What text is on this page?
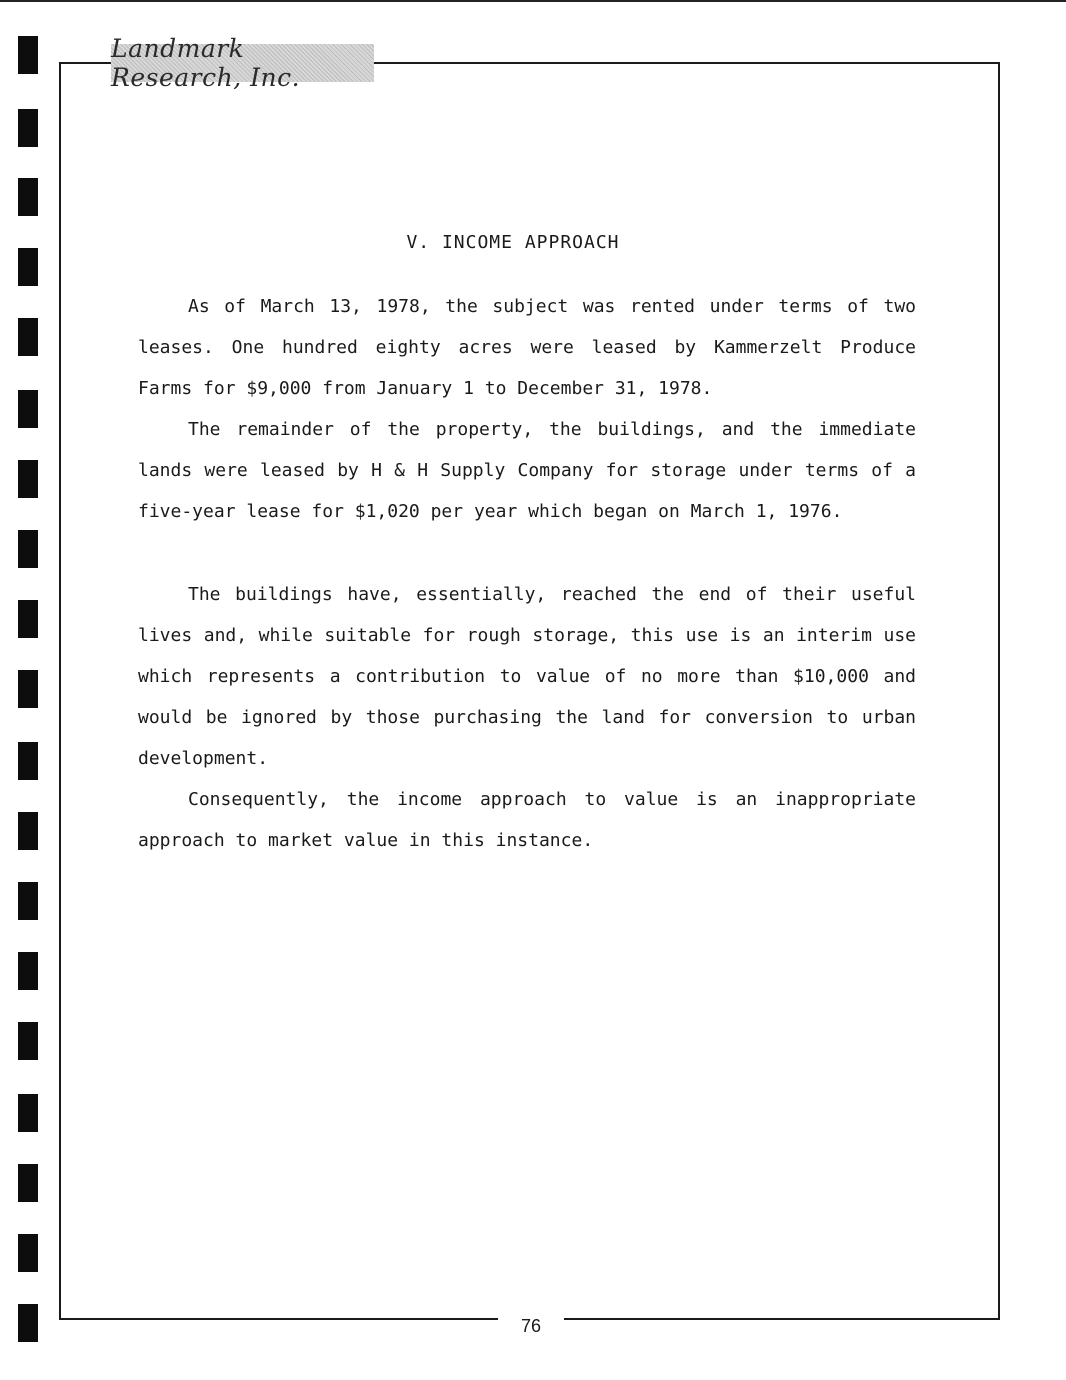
Landmark Research, Inc.
V. INCOME APPROACH

As of March 13, 1978, the subject was rented under terms of two leases. One hundred eighty acres were leased by Kammerzelt Produce Farms for $9,000 from January 1 to December 31, 1978.

The remainder of the property, the buildings, and the immediate lands were leased by H & H Supply Company for storage under terms of a five-year lease for $1,020 per year which began on March 1, 1976.

The buildings have, essentially, reached the end of their useful lives and, while suitable for rough storage, this use is an interim use which represents a contribution to value of no more than $10,000 and would be ignored by those purchasing the land for conversion to urban development.

Consequently, the income approach to value is an inappropriate approach to market value in this instance.

76
